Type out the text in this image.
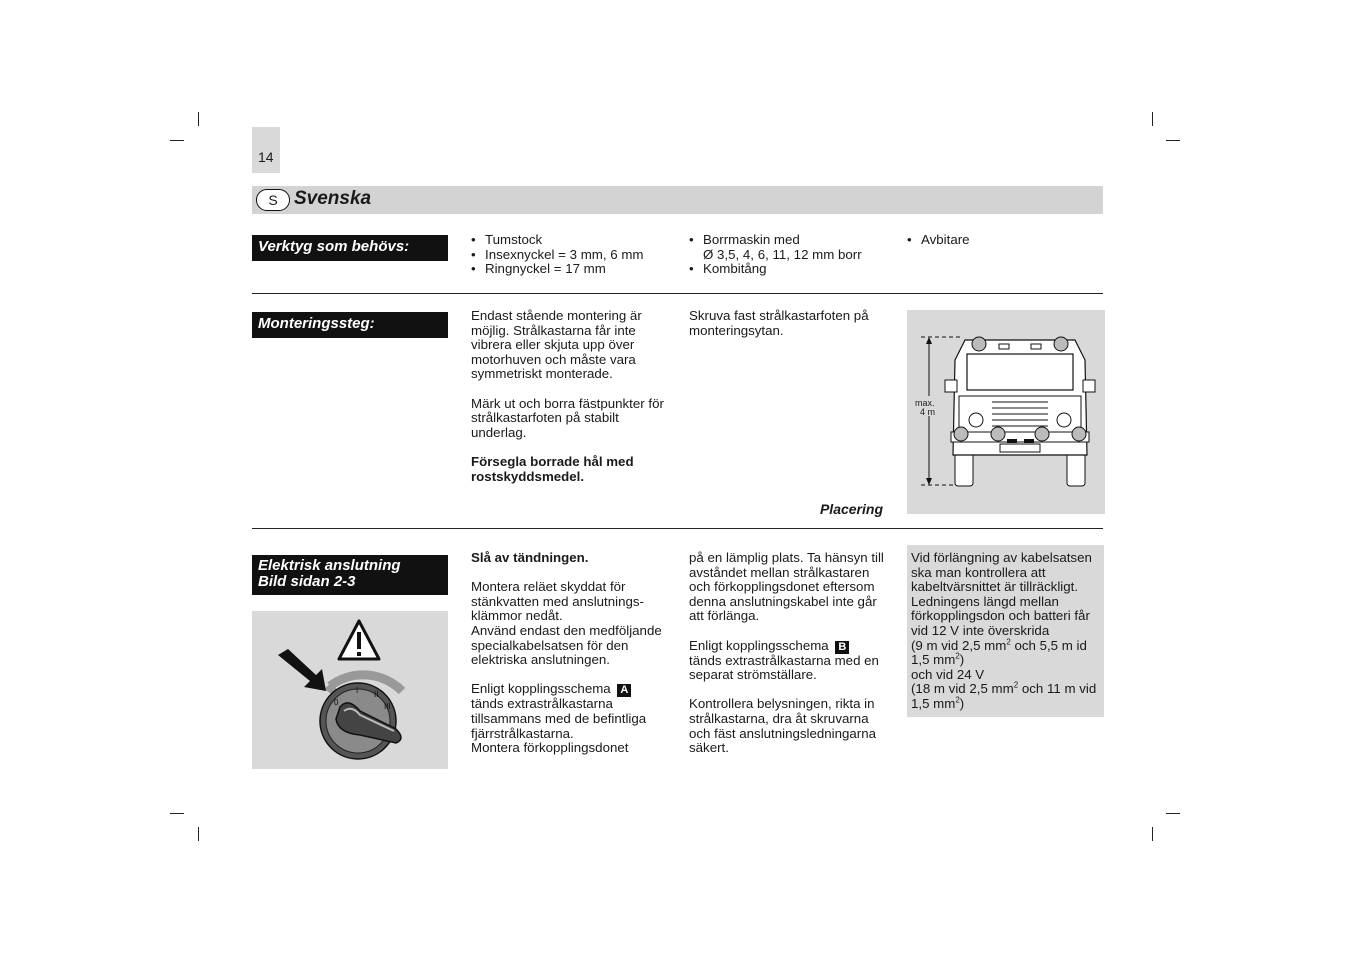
14
S Svenska
Verktyg som behövs:
•	Tumstock
• Insexnyckel = 3 mm, 6 mm
• Ringnyckel = 17 mm
• Borrmaskin med
Ø 3,5, 4, 6, 11, 12 mm borr
• Kombitång
• Avbitare
Monteringssteg:	Endast stående montering är möjlig. Strålkastarna får inte vibrera eller skjuta upp över motorhuven och måste vara symmetriskt monterade.

Märk ut och borra fästpunkter för strålkastarfoten på stabilt underlag.

Försegla borrade hål med rostskyddsmedel.

Skruva fast strålkastarfoten på monteringsytan.

Placering
max.
4 m
Elektrisk anslutning
Bild sidan 2-3
0
I II
III

Slå av tändningen.

Montera reläet skyddat för stänkvatten med anslutnings-klämmor nedåt.
Använd endast den medföljande specialkabelsatsen för den elektriska anslutningen.

Enligt kopplingsschema A
tänds extrastrålkastarna tillsammans med de befintliga fjärrstrålkastarna.
Montera förkopplingsdonet

på en lämplig plats. Ta hänsyn till avståndet mellan strålkastaren och förkopplingsdonet eftersom denna anslutningskabel inte går att förlänga.

Enligt kopplingsschema B
tänds extrastrålkastarna med en separat strömställare.

Kontrollera belysningen, rikta in strålkastarna, dra åt skruvarna och fäst anslutningsledningarna säkert.

Vid förlängning av kabelsatsen ska man kontrollera att kabeltvärsnittet är tillräckligt. Ledningens längd mellan förkopplingsdon och batteri får vid 12 V inte överskrida
(9 m vid 2,5 $mm^2$ och 5,5 m id 1,5 $mm^2$)
och vid 24 V
(18 m vid 2,5 $mm^2$ och 11 m vid 1,5 $mm^2$)
